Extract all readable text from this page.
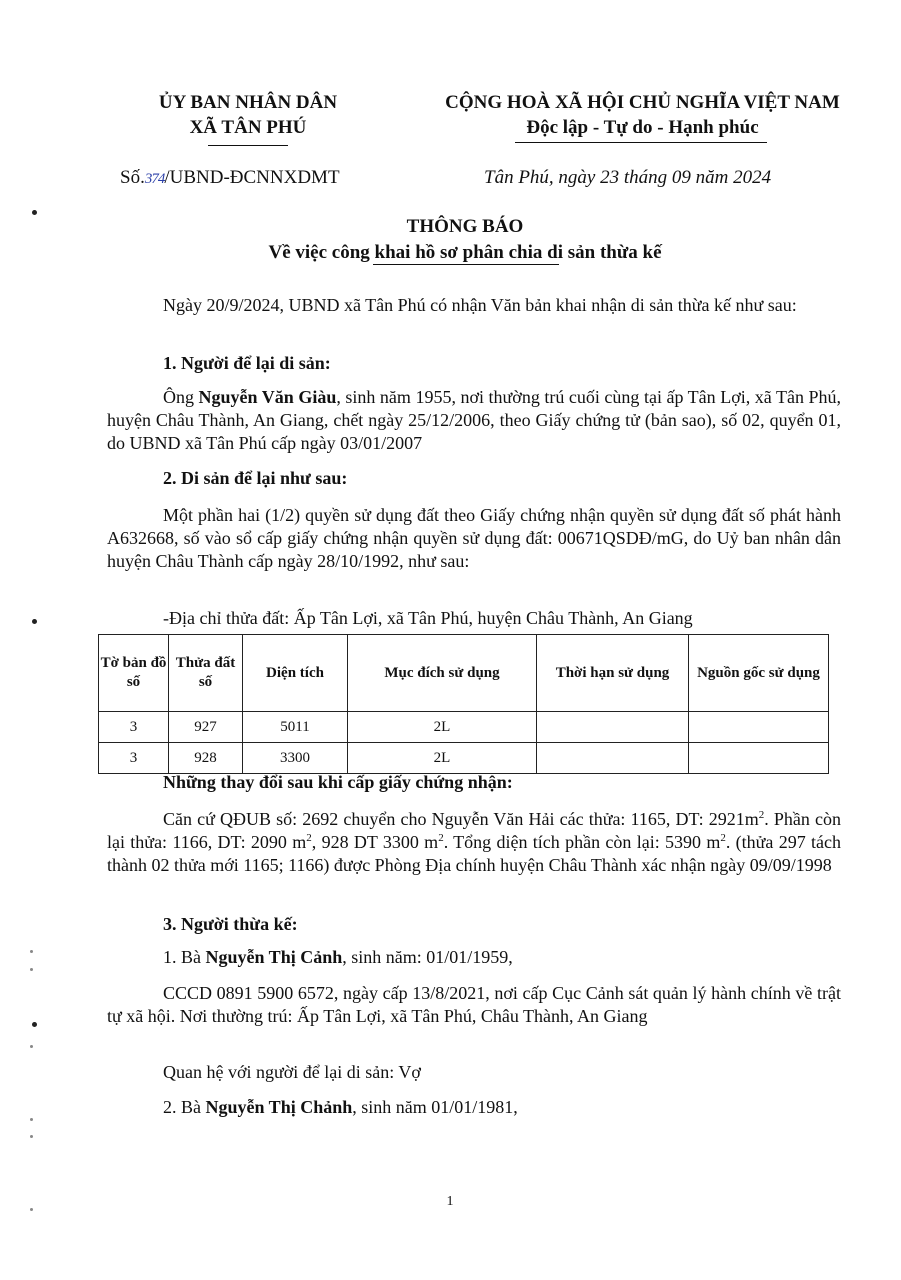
ỦY BAN NHÂN DÂN
XÃ TÂN PHÚ
CỘNG HOÀ XÃ HỘI CHỦ NGHĨA VIỆT NAM
Độc lập - Tự do - Hạnh phúc
Số.374/UBND-ĐCNNXDMT	Tân Phú, ngày 23 tháng 09 năm 2024
THÔNG BÁO
Về việc công khai hồ sơ phân chia di sản thừa kế
Ngày 20/9/2024, UBND xã Tân Phú có nhận Văn bản khai nhận di sản thừa kế như sau:
1. Người để lại di sản:
Ông Nguyễn Văn Giàu, sinh năm 1955, nơi thường trú cuối cùng tại ấp Tân Lợi, xã Tân Phú, huyện Châu Thành, An Giang, chết ngày 25/12/2006, theo Giấy chứng tử (bản sao), số 02, quyển 01, do UBND xã Tân Phú cấp ngày 03/01/2007
2. Di sản để lại như sau:
Một phần hai (1/2) quyền sử dụng đất theo Giấy chứng nhận quyền sử dụng đất số phát hành A632668, số vào sổ cấp giấy chứng nhận quyền sử dụng đất: 00671QSDĐ/mG, do Uỷ ban nhân dân huyện Châu Thành cấp ngày 28/10/1992, như sau:
-Địa chỉ thửa đất: Ấp Tân Lợi, xã Tân Phú, huyện Châu Thành, An Giang
Tờ bản đồ số	Thửa đất số	Diện tích	Mục đích sử dụng	Thời hạn sử dụng	Nguồn gốc sử dụng
3	927	5011	2L		
3	928	3300	2L		
Những thay đổi sau khi cấp giấy chứng nhận:
Căn cứ QĐUB số: 2692 chuyển cho Nguyễn Văn Hải các thửa: 1165, DT: $2921m^2$. Phần còn lại thửa: 1166, DT: 2090 $m^2$, 928 DT 3300 $m^2$. Tổng diện tích phần còn lại: 5390 $m^2$. (thửa 297 tách thành 02 thửa mới 1165; 1166) được Phòng Địa chính huyện Châu Thành xác nhận ngày 09/09/1998
3. Người thừa kế:
1. Bà Nguyễn Thị Cảnh, sinh năm: 01/01/1959,
CCCD 0891 5900 6572, ngày cấp 13/8/2021, nơi cấp Cục Cảnh sát quản lý hành chính về trật tự xã hội. Nơi thường trú: Ấp Tân Lợi, xã Tân Phú, Châu Thành, An Giang
Quan hệ với người để lại di sản: Vợ
2. Bà Nguyễn Thị Chảnh, sinh năm 01/01/1981,
1
